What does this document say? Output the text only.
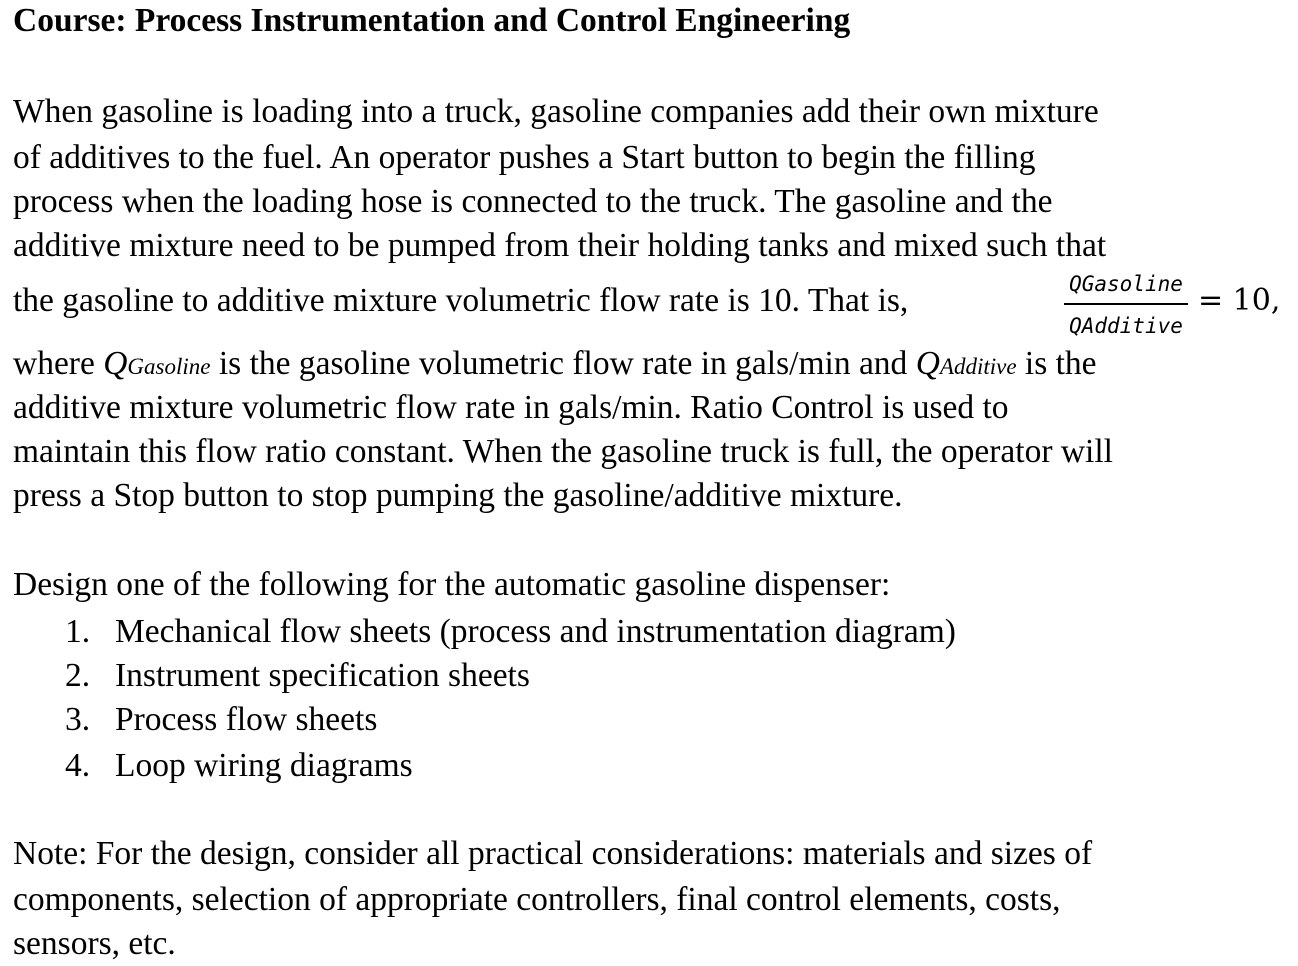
Course: Process Instrumentation and Control Engineering
When gasoline is loading into a truck, gasoline companies add their own mixture
of additives to the fuel. An operator pushes a Start button to begin the filling
process when the loading hose is connected to the truck. The gasoline and the
additive mixture need to be pumped from their holding tanks and mixed such that
the gasoline to additive mixture volumetric flow rate is 10. That is,	QGasoline
QAdditive
= 10,
where QGasoline is the gasoline volumetric flow rate in gals/min and QAdditive is the
additive mixture volumetric flow rate in gals/min. Ratio Control is used to
maintain this flow ratio constant. When the gasoline truck is full, the operator will
press a Stop button to stop pumping the gasoline/additive mixture.
Design one of the following for the automatic gasoline dispenser:
1. Mechanical flow sheets (process and instrumentation diagram)
2. Instrument specification sheets
3. Process flow sheets
4. Loop wiring diagrams
Note: For the design, consider all practical considerations: materials and sizes of
components, selection of appropriate controllers, final control elements, costs,
sensors, etc.
